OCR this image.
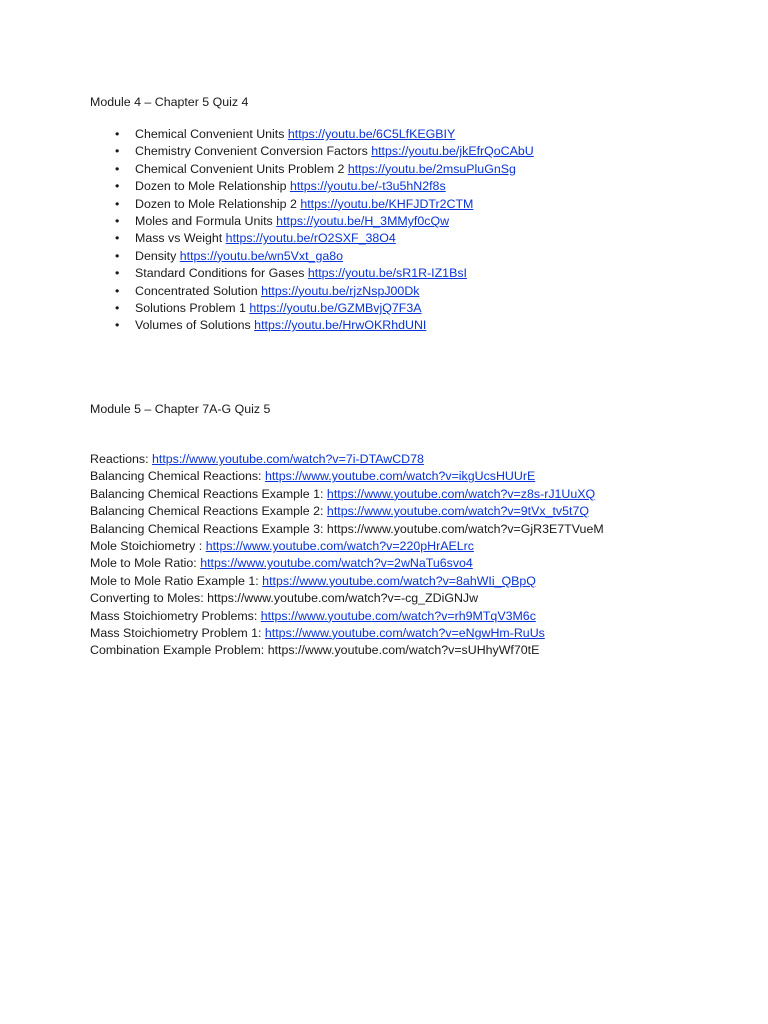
Module 4 – Chapter 5 Quiz 4
• Chemical Convenient Units https://youtu.be/6C5LfKEGBIY
• Chemistry Convenient Conversion Factors https://youtu.be/jkEfrQoCAbU
• Chemical Convenient Units Problem 2 https://youtu.be/2msuPluGnSg
• Dozen to Mole Relationship https://youtu.be/-t3u5hN2f8s
• Dozen to Mole Relationship 2 https://youtu.be/KHFJDTr2CTM
• Moles and Formula Units https://youtu.be/H_3MMyf0cQw
• Mass vs Weight https://youtu.be/rO2SXF_38O4
• Density https://youtu.be/wn5Vxt_ga8o
• Standard Conditions for Gases https://youtu.be/sR1R-IZ1BsI
• Concentrated Solution https://youtu.be/rjzNspJ00Dk
• Solutions Problem 1 https://youtu.be/GZMBvjQ7F3A
• Volumes of Solutions https://youtu.be/HrwOKRhdUNI
Module 5 – Chapter 7A-G Quiz 5
Reactions: https://www.youtube.com/watch?v=7i-DTAwCD78
Balancing Chemical Reactions: https://www.youtube.com/watch?v=ikgUcsHUUrE
Balancing Chemical Reactions Example 1: https://www.youtube.com/watch?v=z8s-rJ1UuXQ
Balancing Chemical Reactions Example 2: https://www.youtube.com/watch?v=9tVx_tv5t7Q
Balancing Chemical Reactions Example 3: https://www.youtube.com/watch?v=GjR3E7TVueM
Mole Stoichiometry : https://www.youtube.com/watch?v=220pHrAELrc
Mole to Mole Ratio: https://www.youtube.com/watch?v=2wNaTu6svo4
Mole to Mole Ratio Example 1: https://www.youtube.com/watch?v=8ahWIi_QBpQ
Converting to Moles: https://www.youtube.com/watch?v=-cg_ZDiGNJw
Mass Stoichiometry Problems: https://www.youtube.com/watch?v=rh9MTqV3M6c
Mass Stoichiometry Problem 1: https://www.youtube.com/watch?v=eNgwHm-RuUs
Combination Example Problem: https://www.youtube.com/watch?v=sUHhyWf70tE
